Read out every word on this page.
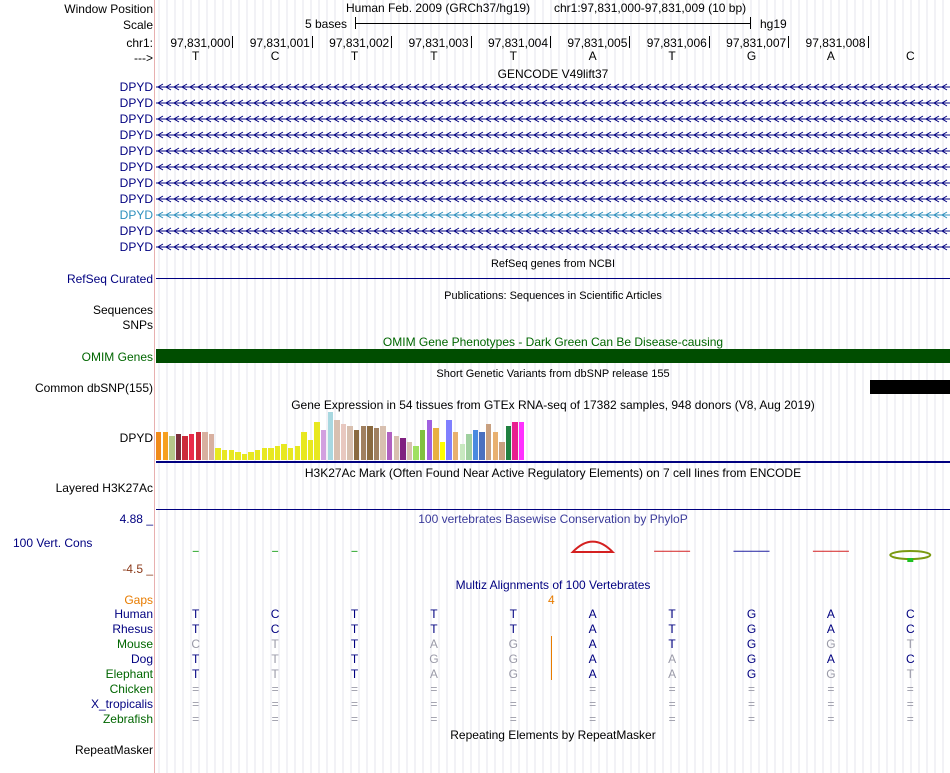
Window Position
Scale
chr1:
--->
Human Feb. 2009 (GRCh37/hg19) chr1:97,831,000-97,831,009 (10 bp)
5 bases	hg19
97,831,000 97,831,001 97,831,002 97,831,003 97,831,004 97,831,005 97,831,006 97,831,007 97,831,008
T	C	T	T	T	A	T	G	A	C
GENCODE V49lift37
DPYD
DPYD
DPYD
DPYD
DPYD
DPYD
DPYD
DPYD
DPYD
DPYD
DPYD
RefSeq genes from NCBI
RefSeq Curated
Publications: Sequences in Scientific Articles
Sequences
SNPs
OMIM Gene Phenotypes - Dark Green Can Be Disease-causing
OMIM Genes
Short Genetic Variants from dbSNP release 155
Common dbSNP(155)
Gene Expression in 54 tissues from GTEx RNA-seq of 17382 samples, 948 donors (V8, Aug 2019)
DPYD
H3K27Ac Mark (Often Found Near Active Regulatory Elements) on 7 cell lines from ENCODE
Layered H3K27Ac
4.88 _	100 vertebrates Basewise Conservation by PhyloP
100 Vert. Cons
-4.5 _
Multiz Alignments of 100 Vertebrates
Gaps	4
Human	T	C	T	T	T	A	T	G	A	C
Rhesus	T	C	T	T	T	A	T	G	A	C
Mouse	C	T	T	A	G	A	T	G	G	T
Dog	T	T	T	G	G	A	A	G	A	C
Elephant	T	T	T	A	G	A	A	G	G	T
Chicken	=	=	=	=	=	=	=	=	=	=
X_tropicalis	=	=	=	=	=	=	=	=	=	=
Zebrafish	=	=	=	=	=	=	=	=	=	=
Repeating Elements by RepeatMasker
RepeatMasker
